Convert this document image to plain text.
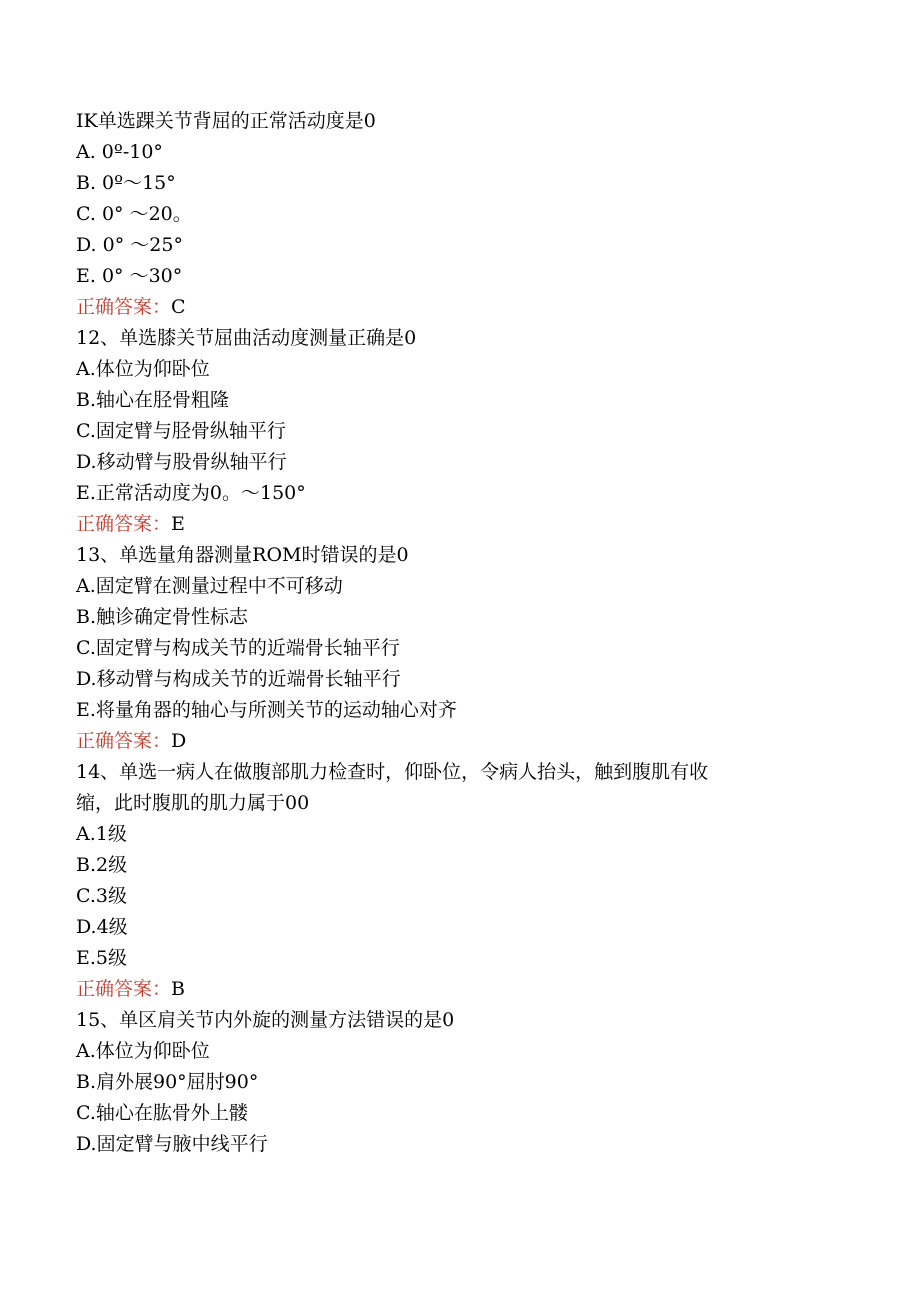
IK单选踝关节背屈的正常活动度是0
A. 0º-10°
B. 0º～15°
C. 0° ～20。
D. 0° ～25°
E. 0° ～30°
正确答案：C
12、单选膝关节屈曲活动度测量正确是0
A.体位为仰卧位
B.轴心在胫骨粗隆
C.固定臂与胫骨纵轴平行
D.移动臂与股骨纵轴平行
E.正常活动度为0。～150°
正确答案：E
13、单选量角器测量ROM时错误的是0
A.固定臂在测量过程中不可移动
B.触诊确定骨性标志
C.固定臂与构成关节的近端骨长轴平行
D.移动臂与构成关节的近端骨长轴平行
E.将量角器的轴心与所测关节的运动轴心对齐
正确答案：D
14、单选一病人在做腹部肌力检查时，仰卧位，令病人抬头，触到腹肌有收
缩，此时腹肌的肌力属于00
A.1级
B.2级
C.3级
D.4级
E.5级
正确答案：B
15、单区肩关节内外旋的测量方法错误的是0
A.体位为仰卧位
B.肩外展90°屈肘90°
C.轴心在肱骨外上髅
D.固定臂与腋中线平行
